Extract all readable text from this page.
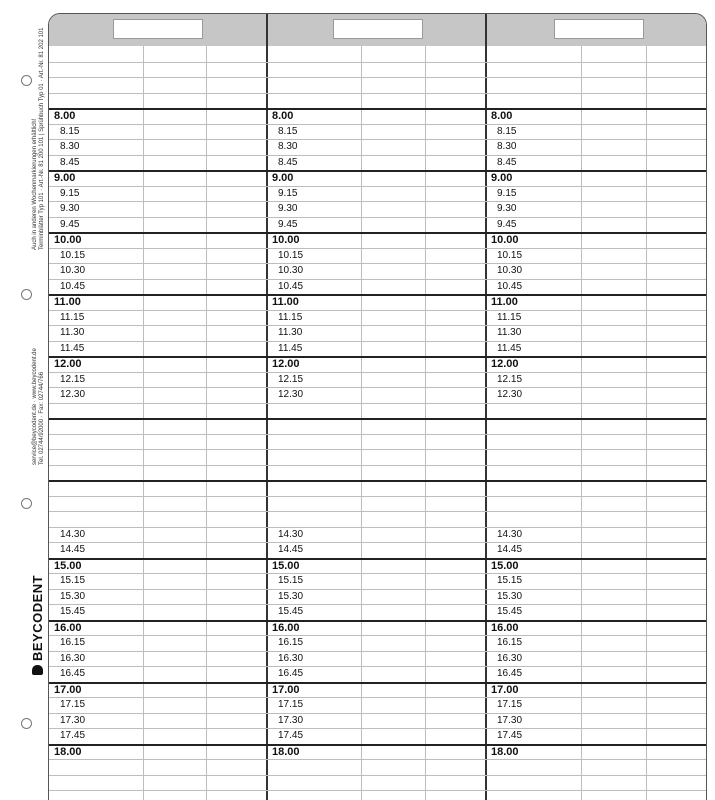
8.00	8.00	8.00
8.15	8.15	8.15
8.30	8.30	8.30
8.45	8.45	8.45
9.00	9.00	9.00
9.15	9.15	9.15
9.30	9.30	9.30
9.45	9.45	9.45
10.00	10.00	10.00
10.15	10.15	10.15
10.30	10.30	10.30
10.45	10.45	10.45
11.00	11.00	11.00
11.15	11.15	11.15
11.30	11.30	11.30
11.45	11.45	11.45
12.00	12.00	12.00
12.15	12.15	12.15
12.30	12.30	12.30
14.30	14.30	14.30
14.45	14.45	14.45
15.00	15.00	15.00
15.15	15.15	15.15
15.30	15.30	15.30
15.45	15.45	15.45
16.00	16.00	16.00
16.15	16.15	16.15
16.30	16.30	16.30
16.45	16.45	16.45
17.00	17.00	17.00
17.15	17.15	17.15
17.30	17.30	17.30
17.45	17.45	17.45
18.00	18.00	18.00
Terminblätter Typ 101 · Art.-Nr. 81 200 101 | Sprühbuch Typ 01 · Art.-Nr. 81 202 101
Auch in anderen Wochenmarkierungen erhältlich!
Tel. 02744/92000 · Fax: 02744/766
service@beycodent.de · www.beycodent.de
BEYCODENT
